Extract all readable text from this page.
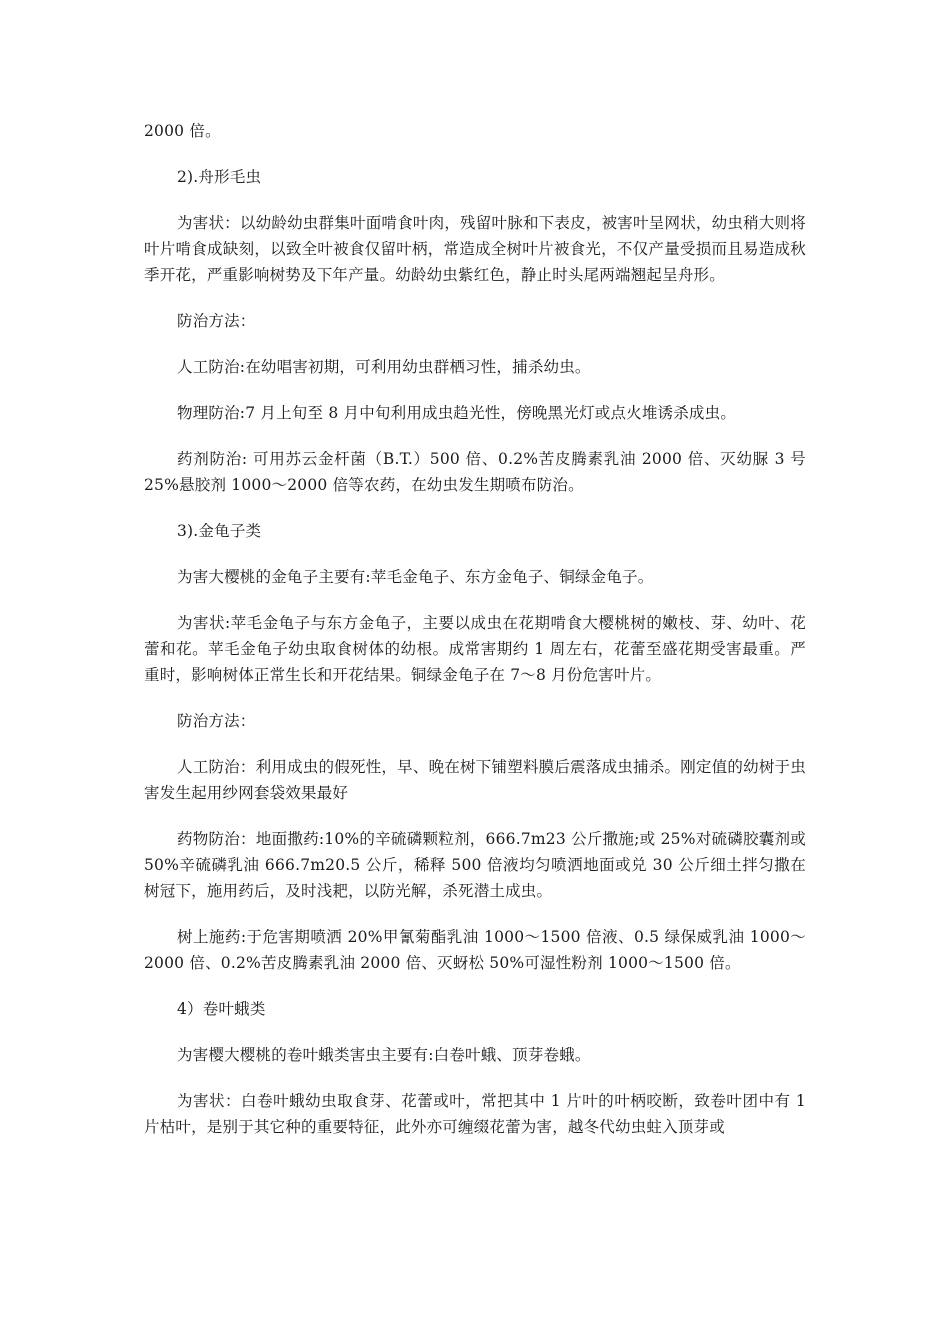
2000 倍。

2).舟形毛虫

为害状：以幼龄幼虫群集叶面啃食叶肉，残留叶脉和下表皮，被害叶呈网状，幼虫稍大则将叶片啃食成缺刻，以致全叶被食仅留叶柄，常造成全树叶片被食光，不仅产量受损而且易造成秋季开花，严重影响树势及下年产量。幼龄幼虫紫红色，静止时头尾两端翘起呈舟形。

防治方法：

人工防治:在幼唱害初期，可利用幼虫群栖习性，捕杀幼虫。

物理防治:7 月上旬至 8 月中旬利用成虫趋光性，傍晚黑光灯或点火堆诱杀成虫。

药剂防治: 可用苏云金杆菌（B.T.）500 倍、0.2%苦皮腾素乳油 2000 倍、灭幼脲 3 号 25%悬胶剂 1000～2000 倍等农药，在幼虫发生期喷布防治。

3).金龟子类

为害大樱桃的金龟子主要有:苹毛金龟子、东方金龟子、铜绿金龟子。

为害状:苹毛金龟子与东方金龟子，主要以成虫在花期啃食大樱桃树的嫩枝、芽、幼叶、花蕾和花。苹毛金龟子幼虫取食树体的幼根。成常害期约 1 周左右，花蕾至盛花期受害最重。严重时，影响树体正常生长和开花结果。铜绿金龟子在 7～8 月份危害叶片。

防治方法：

人工防治：利用成虫的假死性，早、晚在树下铺塑料膜后震落成虫捕杀。刚定值的幼树于虫害发生起用纱网套袋效果最好

药物防治：地面撒药:10%的辛硫磷颗粒剂，666.7m23 公斤撒施;或 25%对硫磷胶囊剂或 50%辛硫磷乳油 666.7m20.5 公斤，稀释 500 倍液均匀喷洒地面或兑 30 公斤细土拌匀撒在树冠下，施用药后，及时浅耙，以防光解，杀死潜土成虫。

树上施药:于危害期喷洒 20%甲氰菊酯乳油 1000～1500 倍液、0.5 绿保威乳油 1000～2000 倍、0.2%苦皮腾素乳油 2000 倍、灭蚜松 50%可湿性粉剂 1000～1500 倍。

4）卷叶蛾类

为害樱大樱桃的卷叶蛾类害虫主要有:白卷叶蛾、顶芽卷蛾。

为害状：白卷叶蛾幼虫取食芽、花蕾或叶，常把其中 1 片叶的叶柄咬断，致卷叶团中有 1 片枯叶，是别于其它种的重要特征，此外亦可缠缀花蕾为害，越冬代幼虫蛀入顶芽或
